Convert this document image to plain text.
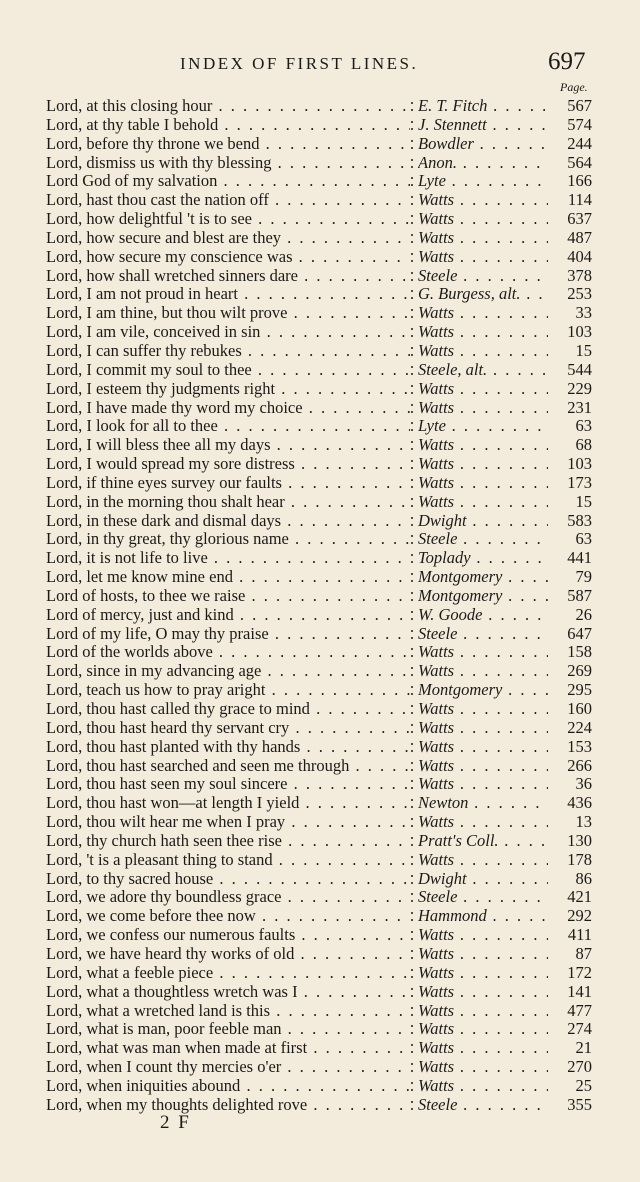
INDEX OF FIRST LINES.	697
Page.
Lord, at this closing hour . . .	E. T. Fitch . . .	567
Lord, at thy table I behold . . .	J. Stennett . . .	574
Lord, before thy throne we bend . . .	Bowdler . . .	244
Lord, dismiss us with thy blessing . . .	Anon. . . .	564
Lord God of my salvation . . .	Lyte . . .	166
Lord, hast thou cast the nation off . . .	Watts . . .	114
Lord, how delightful 't is to see . . .	Watts . . .	637
Lord, how secure and blest are they . . .	Watts . . .	487
Lord, how secure my conscience was . . .	Watts . . .	404
Lord, how shall wretched sinners dare . . .	Steele . . .	378
Lord, I am not proud in heart . . .	G. Burgess, alt. . . .	253
Lord, I am thine, but thou wilt prove . . .	Watts . . .	33
Lord, I am vile, conceived in sin . . .	Watts . . .	103
Lord, I can suffer thy rebukes . . .	Watts . . .	15
Lord, I commit my soul to thee . . .	Steele, alt. . . .	544
Lord, I esteem thy judgments right . . .	Watts . . .	229
Lord, I have made thy word my choice . . .	Watts . . .	231
Lord, I look for all to thee . . .	Lyte . . .	63
Lord, I will bless thee all my days . . .	Watts . . .	68
Lord, I would spread my sore distress . . .	Watts . . .	103
Lord, if thine eyes survey our faults . . .	Watts . . .	173
Lord, in the morning thou shalt hear . . .	Watts . . .	15
Lord, in these dark and dismal days . . .	Dwight . . .	583
Lord, in thy great, thy glorious name . . .	Steele . . .	63
Lord, it is not life to live . . .	Toplady . . .	441
Lord, let me know mine end . . .	Montgomery . . .	79
Lord of hosts, to thee we raise . . .	Montgomery . . .	587
Lord of mercy, just and kind . . .	W. Goode . . .	26
Lord of my life, O may thy praise . . .	Steele . . .	647
Lord of the worlds above . . .	Watts . . .	158
Lord, since in my advancing age . . .	Watts . . .	269
Lord, teach us how to pray aright . . .	Montgomery . . .	295
Lord, thou hast called thy grace to mind . . .	Watts . . .	160
Lord, thou hast heard thy servant cry . . .	Watts . . .	224
Lord, thou hast planted with thy hands . . .	Watts . . .	153
Lord, thou hast searched and seen me through . . .	Watts . . .	266
Lord, thou hast seen my soul sincere . . .	Watts . . .	36
Lord, thou hast won—at length I yield . . .	Newton . . .	436
Lord, thou wilt hear me when I pray . . .	Watts . . .	13
Lord, thy church hath seen thee rise . . .	Pratt's Coll. . . .	130
Lord, 't is a pleasant thing to stand . . .	Watts . . .	178
Lord, to thy sacred house . . .	Dwight . . .	86
Lord, we adore thy boundless grace . . .	Steele . . .	421
Lord, we come before thee now . . .	Hammond . . .	292
Lord, we confess our numerous faults . . .	Watts . . .	411
Lord, we have heard thy works of old . . .	Watts . . .	87
Lord, what a feeble piece . . .	Watts . . .	172
Lord, what a thoughtless wretch was I . . .	Watts . . .	141
Lord, what a wretched land is this . . .	Watts . . .	477
Lord, what is man, poor feeble man . . .	Watts . . .	274
Lord, what was man when made at first . . .	Watts . . .	21
Lord, when I count thy mercies o'er . . .	Watts . . .	270
Lord, when iniquities abound . . .	Watts . . .	25
Lord, when my thoughts delighted rove . . .	Steele . . .	355
2 F
